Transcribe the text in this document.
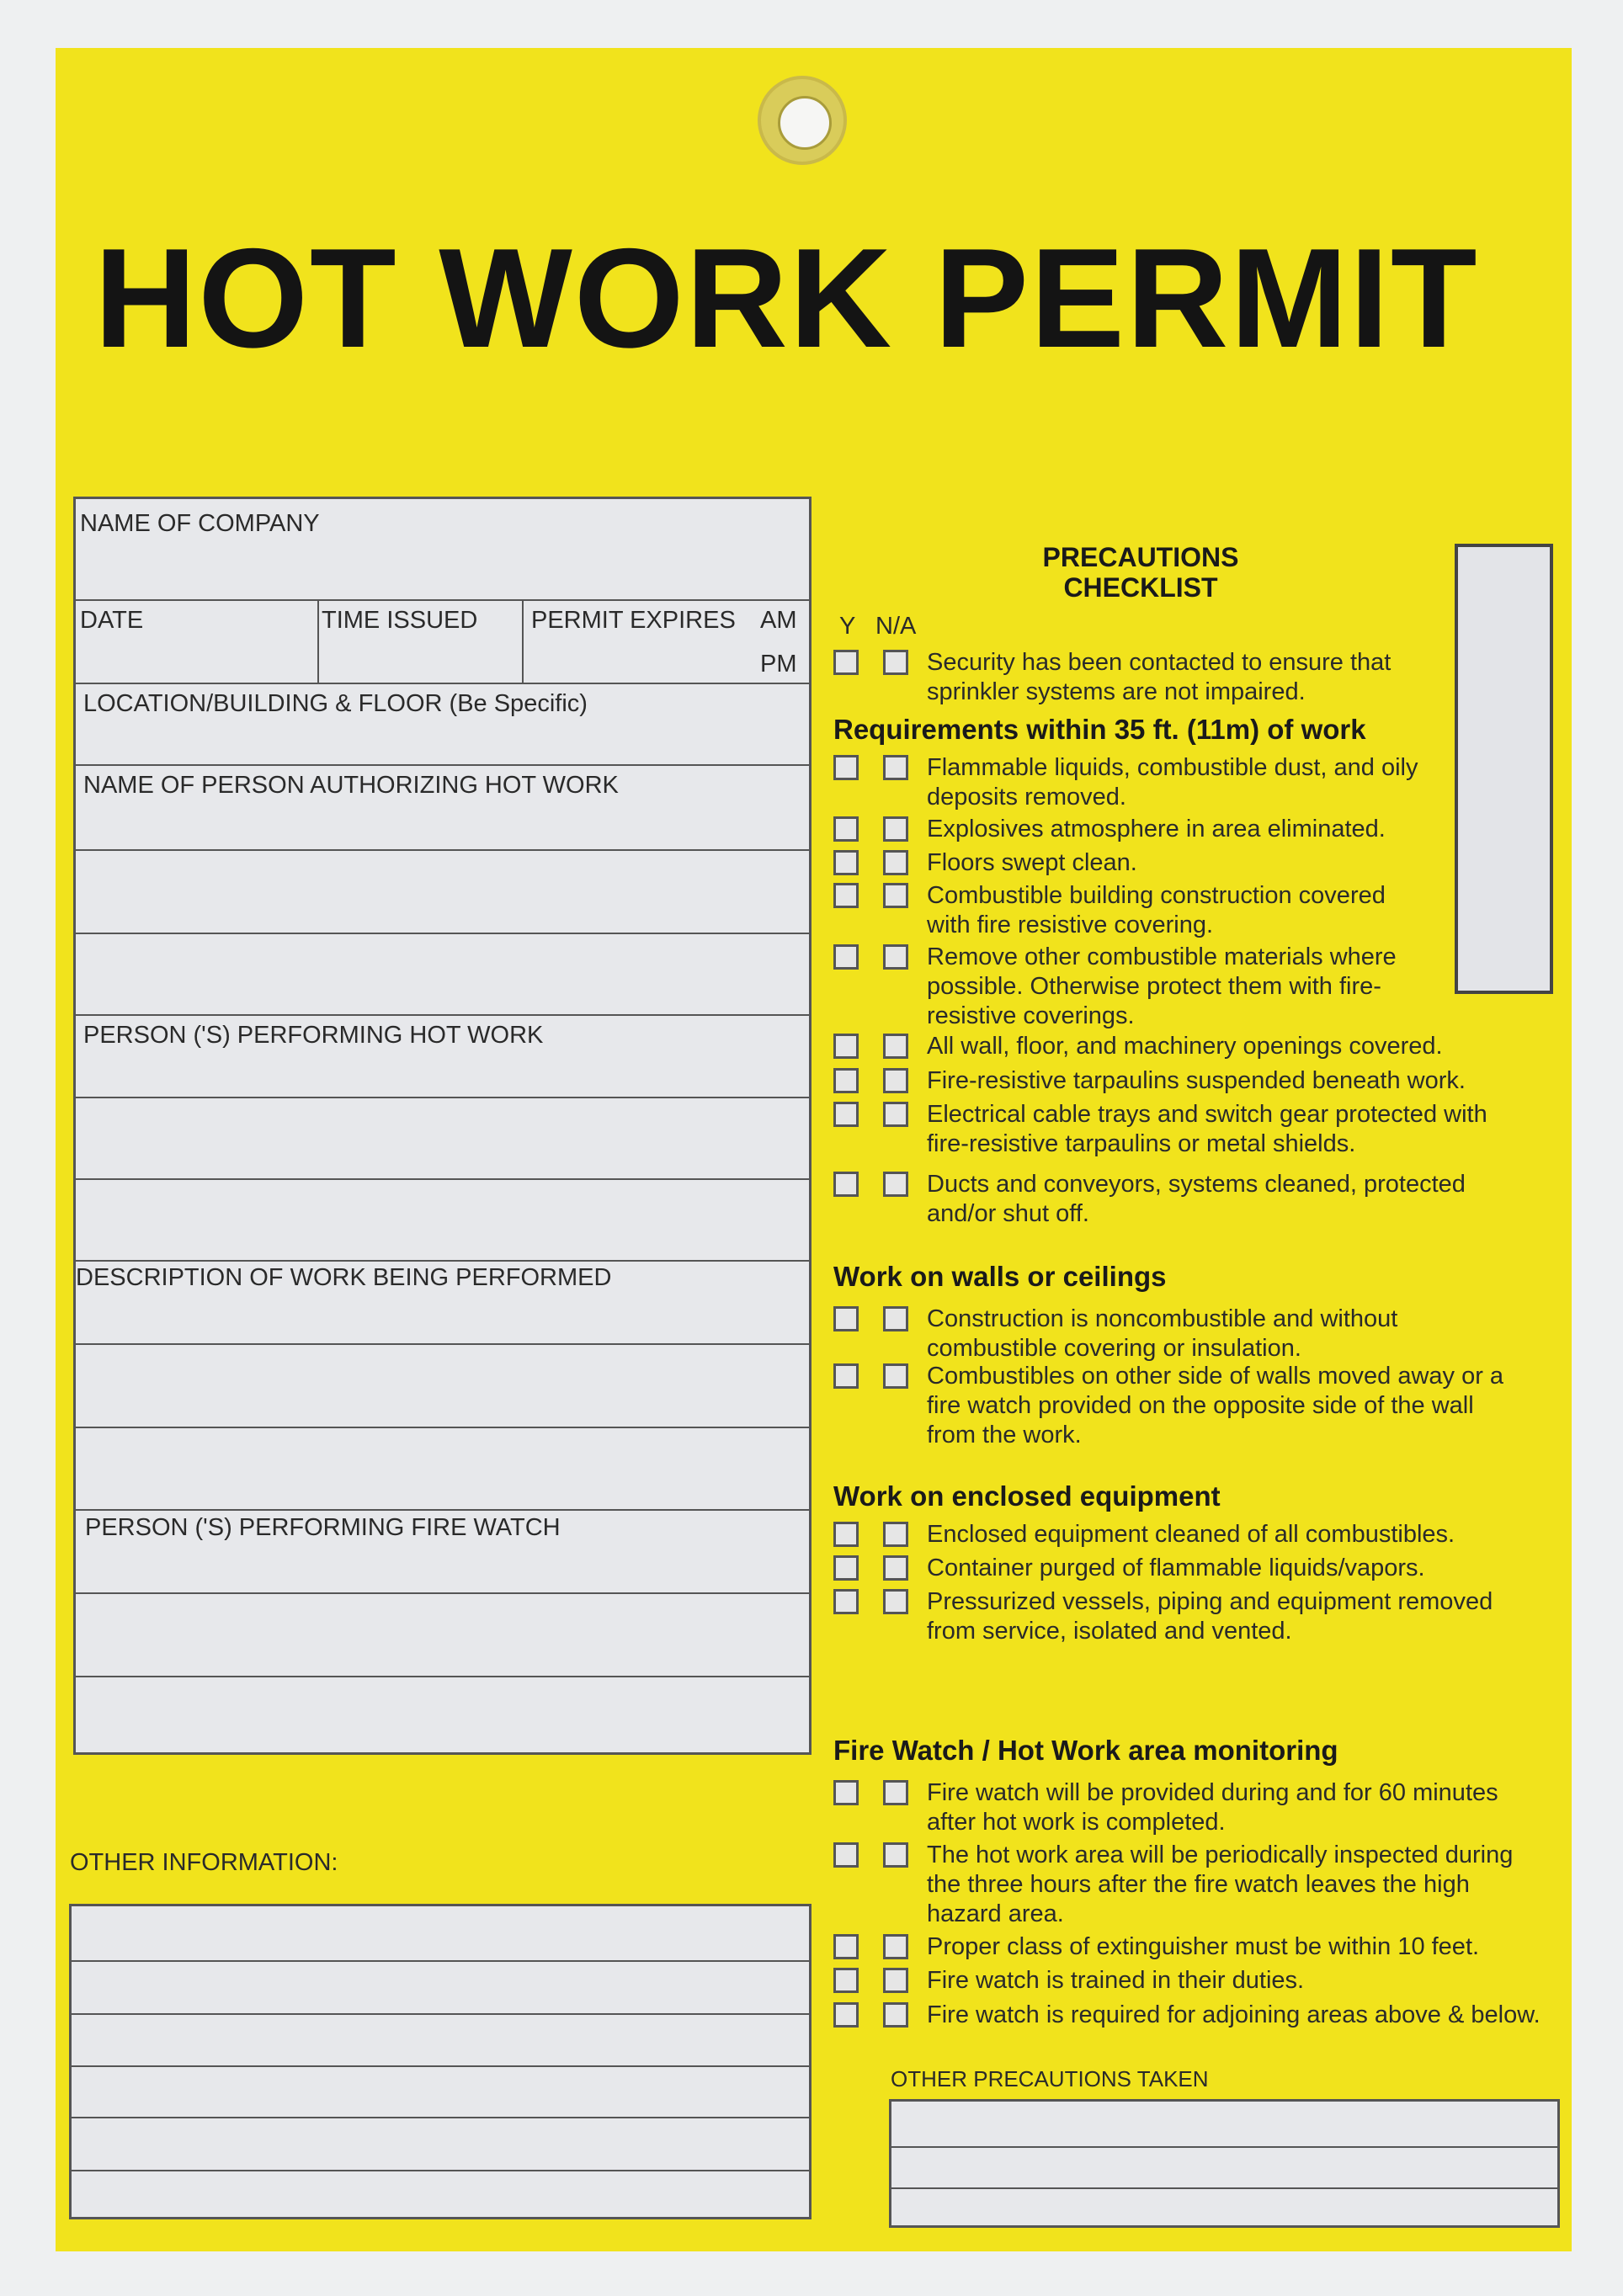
HOT WORK PERMIT
NAME OF COMPANY
DATE	TIME ISSUED PERMIT EXPIRES AM
PM
LOCATION/BUILDING & FLOOR (Be Specific)
NAME OF PERSON AUTHORIZING HOT WORK
PERSON ('S) PERFORMING HOT WORK
DESCRIPTION OF WORK BEING PERFORMED
PERSON ('S) PERFORMING FIRE WATCH
OTHER INFORMATION:
PRECAUTIONS
CHECKLIST
Y N/A
Security has been contacted to ensure that
sprinkler systems are not impaired.
Requirements within 35 ft. (11m) of work
Flammable liquids, combustible dust, and oily
deposits removed.
Explosives atmosphere in area eliminated.
Floors swept clean.
Combustible building construction covered
with fire resistive covering.
Remove other combustible materials where
possible. Otherwise protect them with fire-
resistive coverings.
All wall, floor, and machinery openings covered.
Fire-resistive tarpaulins suspended beneath work.
Electrical cable trays and switch gear protected with
fire-resistive tarpaulins or metal shields.
Ducts and conveyors, systems cleaned, protected
and/or shut off.
Work on walls or ceilings
Construction is noncombustible and without
combustible covering or insulation.
Combustibles on other side of walls moved away or a
fire watch provided on the opposite side of the wall
from the work.
Work on enclosed equipment
Enclosed equipment cleaned of all combustibles.
Container purged of flammable liquids/vapors.
Pressurized vessels, piping and equipment removed
from service, isolated and vented.
Fire Watch / Hot Work area monitoring
Fire watch will be provided during and for 60 minutes
after hot work is completed.
The hot work area will be periodically inspected during
the three hours after the fire watch leaves the high
hazard area.
Proper class of extinguisher must be within 10 feet.
Fire watch is trained in their duties.
Fire watch is required for adjoining areas above & below.
OTHER PRECAUTIONS TAKEN
